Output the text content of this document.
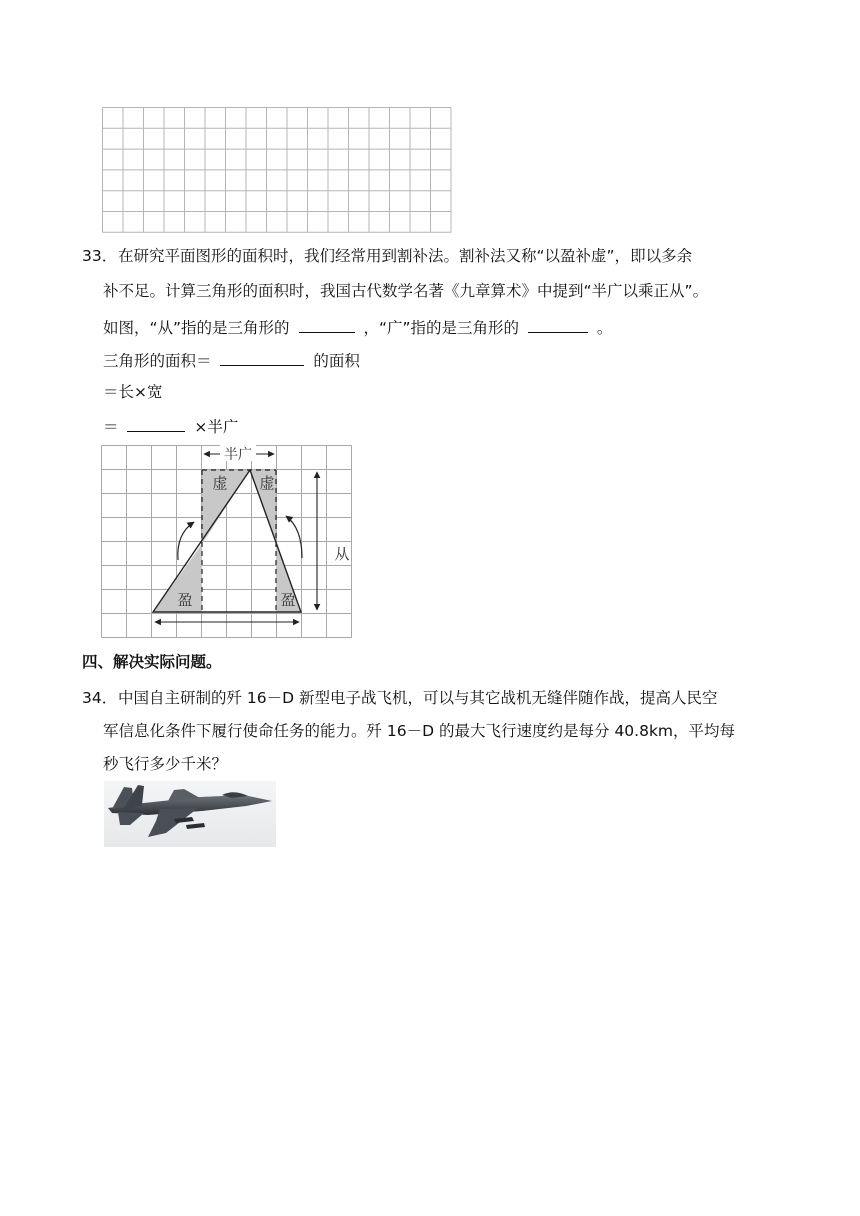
33． 在研究平面图形的面积时，我们经常用到割补法。割补法又称“以盈补虚”，即以多余
补不足。计算三角形的面积时，我国古代数学名著《九章算术》中提到“半广以乘正从”。
如图，“从”指的是三角形的	，“广”指的是三角形的	。
三角形的面积＝	的面积
＝长×宽
＝	×半广
半广
从
虚 虚
盈	盈
四、解决实际问题。
34． 中国自主研制的歼 16－D 新型电子战飞机，可以与其它战机无缝伴随作战，提高人民空
军信息化条件下履行使命任务的能力。歼 16－D 的最大飞行速度约是每分 40.8km，平均每
秒飞行多少千米？
